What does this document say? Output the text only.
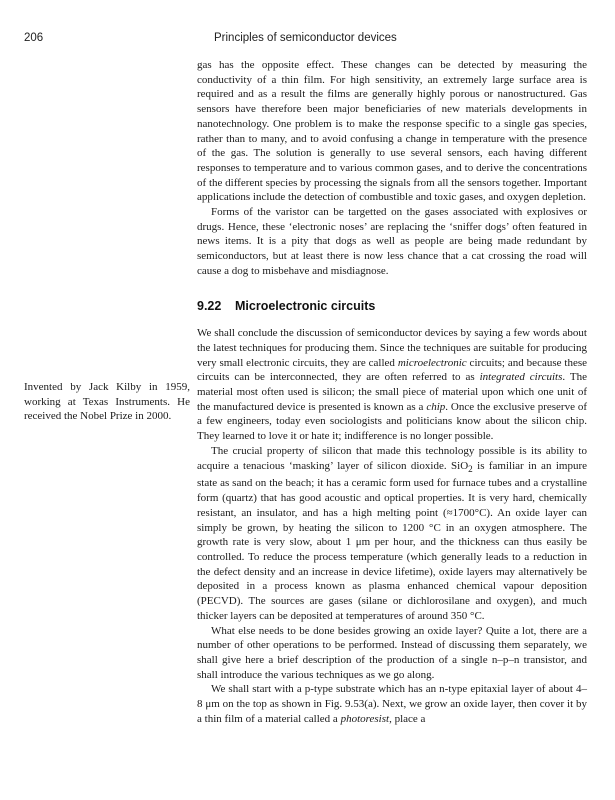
206	Principles of semiconductor devices
Invented by Jack Kilby in 1959, working at Texas Instruments. He received the Nobel Prize in 2000.

gas has the opposite effect. These changes can be detected by measuring the conductivity of a thin film. For high sensitivity, an extremely large surface area is required and as a result the films are generally highly porous or nanostructured. Gas sensors have therefore been major beneficiaries of new materials developments in nanotechnology. One problem is to make the response specific to a single gas species, rather than to many, and to avoid confusing a change in temperature with the presence of the gas. The solution is generally to use several sensors, each having different responses to temperature and to various common gases, and to derive the concentrations of the different species by processing the signals from all the sensors together. Important applications include the detection of combustible and toxic gases, and oxygen depletion.

Forms of the varistor can be targetted on the gases associated with explosives or drugs. Hence, these ‘electronic noses’ are replacing the ‘sniffer dogs’ often featured in news items. It is a pity that dogs as well as people are being made redundant by semiconductors, but at least there is now less chance that a cat crossing the road will cause a dog to misbehave and misdiagnose.

9.22 Microelectronic circuits

We shall conclude the discussion of semiconductor devices by saying a few words about the latest techniques for producing them. Since the techniques are suitable for producing very small electronic circuits, they are called microelectronic circuits; and because these circuits can be interconnected, they are often referred to as integrated circuits. The material most often used is silicon; the small piece of material upon which one unit of the manufactured device is presented is known as a chip. Once the exclusive preserve of a few engineers, today even sociologists and politicians know about the silicon chip. They learned to love it or hate it; indifference is no longer possible.

The crucial property of silicon that made this technology possible is its ability to acquire a tenacious ‘masking’ layer of silicon dioxide. SiO$_2$ is familiar in an impure state as sand on the beach; it has a ceramic form used for furnace tubes and a crystalline form (quartz) that has good acoustic and optical properties. It is very hard, chemically resistant, an insulator, and has a high melting point (≈1700°C). An oxide layer can simply be grown, by heating the silicon to 1200 °C in an oxygen atmosphere. The growth rate is very slow, about 1 μm per hour, and the thickness can thus easily be controlled. To reduce the process temperature (which generally leads to a reduction in the defect density and an increase in device lifetime), oxide layers may alternatively be deposited in a process known as plasma enhanced chemical vapour deposition (PECVD). The sources are gases (silane or dichlorosilane and oxygen), and much thicker layers can be deposited at temperatures of around 350 °C.

What else needs to be done besides growing an oxide layer? Quite a lot, there are a number of other operations to be performed. Instead of discussing them separately, we shall give here a brief description of the production of a single n–p–n transistor, and shall introduce the various techniques as we go along.

We shall start with a p-type substrate which has an n-type epitaxial layer of about 4–8 μm on the top as shown in Fig. 9.53(a). Next, we grow an oxide layer, then cover it by a thin film of a material called a photoresist, place a
